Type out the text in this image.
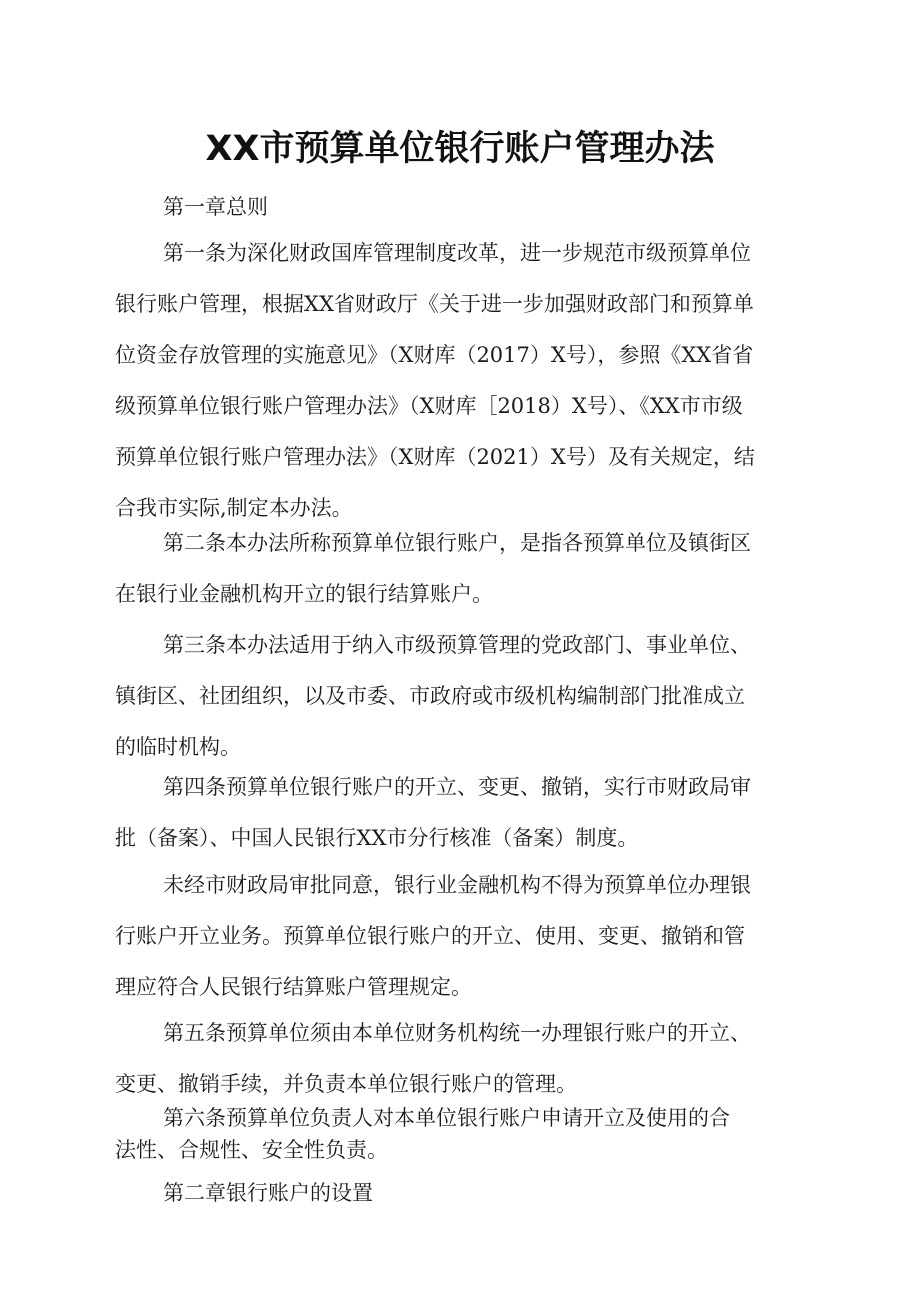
XX市预算单位银行账户管理办法
第一章总则
第一条为深化财政国库管理制度改革，进一步规范市级预算单位
银行账户管理，根据XX省财政厅《关于进一步加强财政部门和预算单
位资金存放管理的实施意见》（X财库（2017）X号），参照《XX省省
级预算单位银行账户管理办法》（X财库［2018）X号）、《XX市市级
预算单位银行账户管理办法》（X财库（2021）X号）及有关规定，结
合我市实际,制定本办法。
第二条本办法所称预算单位银行账户，是指各预算单位及镇街区
在银行业金融机构开立的银行结算账户。
第三条本办法适用于纳入市级预算管理的党政部门、事业单位、
镇街区、社团组织，以及市委、市政府或市级机构编制部门批准成立
的临时机构。
第四条预算单位银行账户的开立、变更、撤销，实行市财政局审
批（备案）、中国人民银行XX市分行核准（备案）制度。
未经市财政局审批同意，银行业金融机构不得为预算单位办理银
行账户开立业务。预算单位银行账户的开立、使用、变更、撤销和管
理应符合人民银行结算账户管理规定。
第五条预算单位须由本单位财务机构统一办理银行账户的开立、
变更、撤销手续，并负责本单位银行账户的管理。
第六条预算单位负责人对本单位银行账户申请开立及使用的合
法性、合规性、安全性负责。
第二章银行账户的设置
